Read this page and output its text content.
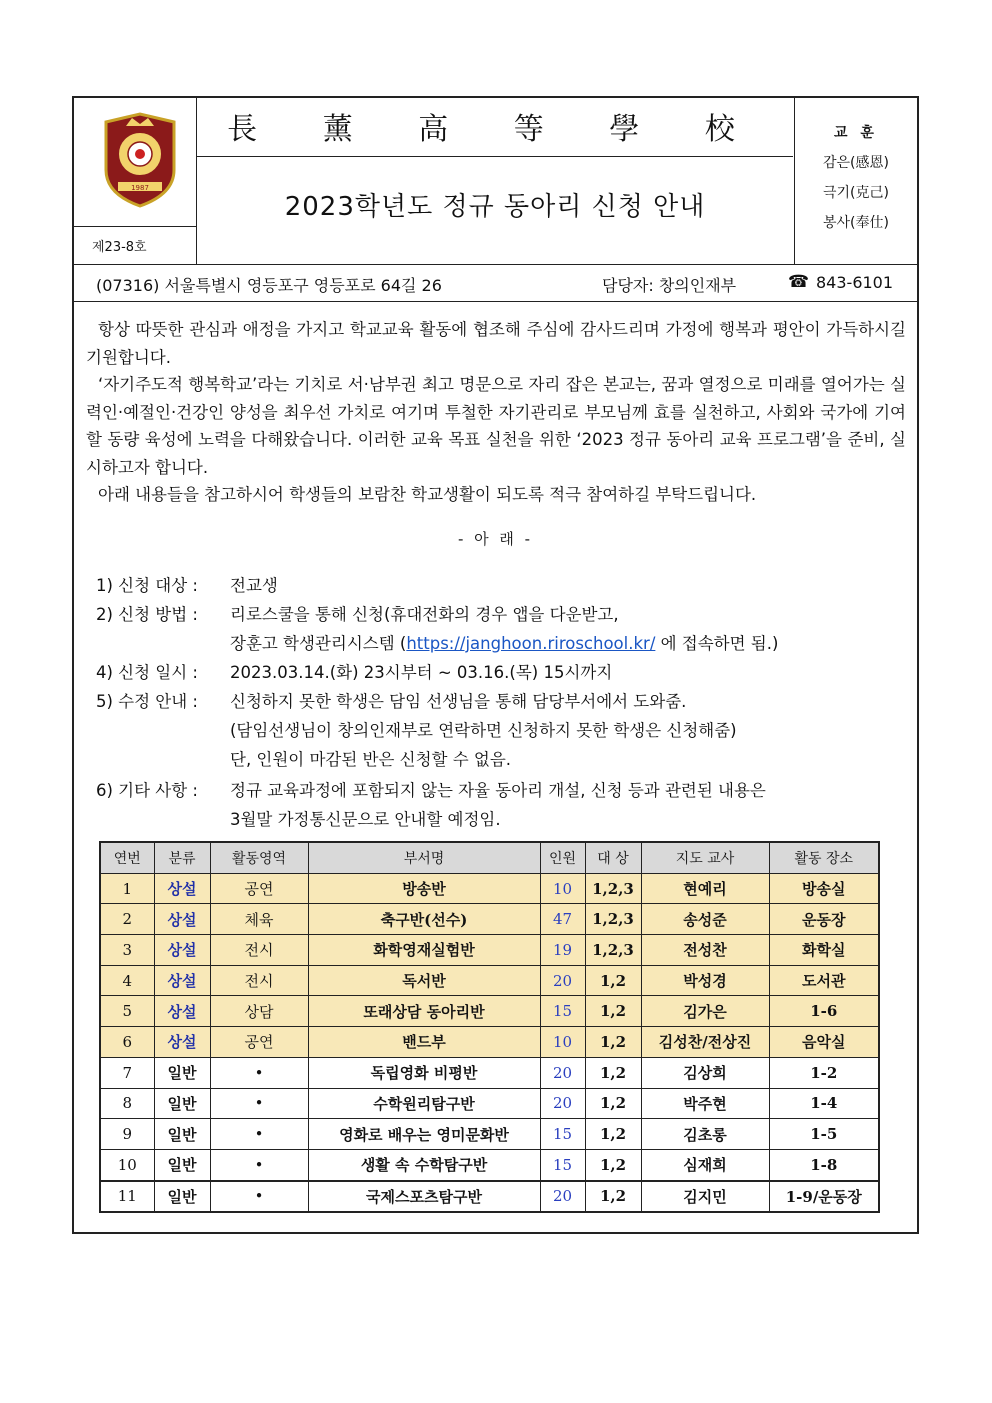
1987
제23-8호
長 薰 高 等 學 校
2023학년도 정규 동아리 신청 안내
교 훈
감은(感恩)
극기(克己)
봉사(奉仕)
(07316) 서울특별시 영등포구 영등포로 64길 26	담당자: 창의인재부	☎ 843-6101

항상 따뜻한 관심과 애정을 가지고 학교교육 활동에 협조해 주심에 감사드리며 가정에 행복과 평안이 가득하시길 기원합니다.

‘자기주도적 행복학교’라는 기치로 서·남부권 최고 명문으로 자리 잡은 본교는, 꿈과 열정으로 미래를 열어가는 실력인·예절인·건강인 양성을 최우선 가치로 여기며 투철한 자기관리로 부모님께 효를 실천하고, 사회와 국가에 기여할 동량 육성에 노력을 다해왔습니다. 이러한 교육 목표 실천을 위한 ‘2023 정규 동아리 교육 프로그램’을 준비, 실시하고자 합니다.

아래 내용들을 참고하시어 학생들의 보람찬 학교생활이 되도록 적극 참여하길 부탁드립니다.

- 아 래 -
1) 신청 대상 : 전교생
2) 신청 방법 : 리로스쿨을 통해 신청(휴대전화의 경우 앱을 다운받고,
장훈고 학생관리시스템 (https://janghoon.riroschool.kr/ 에 접속하면 됨.)
4) 신청 일시 : 2023.03.14.(화) 23시부터 ~ 03.16.(목) 15시까지
5) 수정 안내 : 신청하지 못한 학생은 담임 선생님을 통해 담당부서에서 도와줌.
(담임선생님이 창의인재부로 연락하면 신청하지 못한 학생은 신청해줌)
단, 인원이 마감된 반은 신청할 수 없음.
6) 기타 사항 : 정규 교육과정에 포함되지 않는 자율 동아리 개설, 신청 등과 관련된 내용은
3월말 가정통신문으로 안내할 예정임.
연번	분류	활동영역	부서명	인원	대 상	지도 교사	활동 장소
1	상설	공연	방송반	10	1,2,3	현예리	방송실
2	상설	체육	축구반(선수)	47	1,2,3	송성준	운동장
3	상설	전시	화학영재실험반	19	1,2,3	전성찬	화학실
4	상설	전시	독서반	20	1,2	박성경	도서관
5	상설	상담	또래상담 동아리반	15	1,2	김가은	1-6
6	상설	공연	밴드부	10	1,2	김성찬/전상진	음악실
7	일반	•	독립영화 비평반	20	1,2	김상희	1-2
8	일반	•	수학원리탐구반	20	1,2	박주현	1-4
9	일반	•	영화로 배우는 영미문화반	15	1,2	김초롱	1-5
10	일반	•	생활 속 수학탐구반	15	1,2	심재희	1-8
11	일반	•	국제스포츠탐구반	20	1,2	김지민	1-9/운동장
